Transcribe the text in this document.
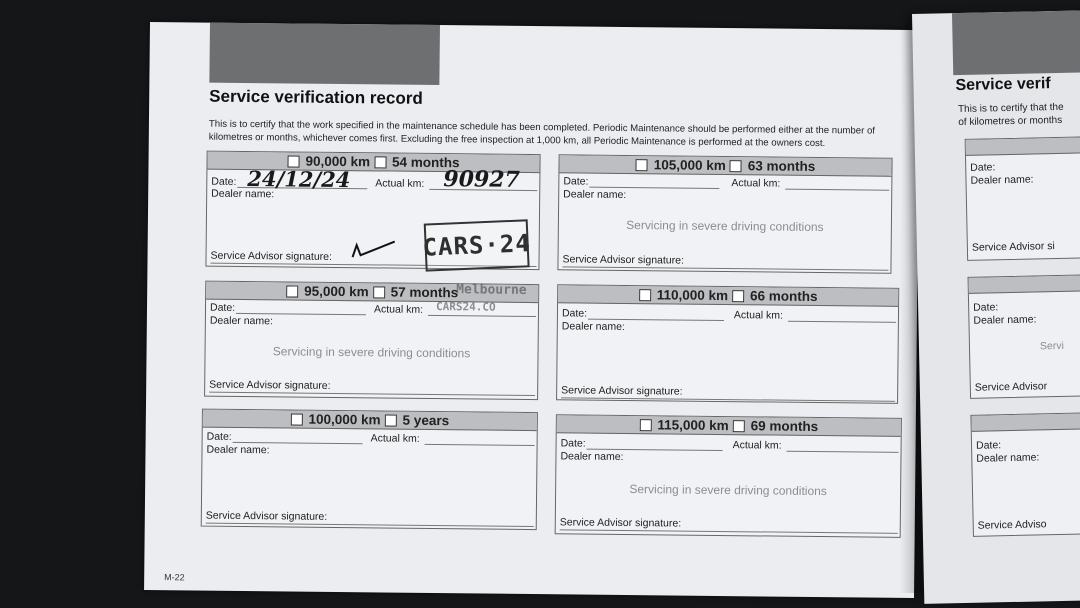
Service verification record
This is to certify that the work specified in the maintenance schedule has been completed. Periodic Maintenance should be performed either at the number of kilometres or months, whichever comes first. Excluding the free inspection at 1,000 km, all Periodic Maintenance is performed at the owners cost.
90,000 km 54 months
Date:	Actual km:
Dealer name:
Service Advisor signature:
24/12/24	90927
105,000 km 63 months
Date:	Actual km:
Dealer name:
Servicing in severe driving conditions
Service Advisor signature:
95,000 km 57 months
Date:	Actual km:
Dealer name:
Servicing in severe driving conditions
Service Advisor signature:
Melbourne
CARS24.CO
110,000 km 66 months
Date:	Actual km:
Dealer name:
Service Advisor signature:
100,000 km 5 years
Date:	Actual km:
Dealer name:
Service Advisor signature:
115,000 km 69 months
Date:	Actual km:
Dealer name:
Servicing in severe driving conditions
Service Advisor signature:
CARS·24
M-22
Service verif
This is to certify that the
of kilometres or months
Date:
Dealer name:
Service Advisor si
Date:
Dealer name:
Servi
Service Advisor
Date:
Dealer name:
Service Adviso
